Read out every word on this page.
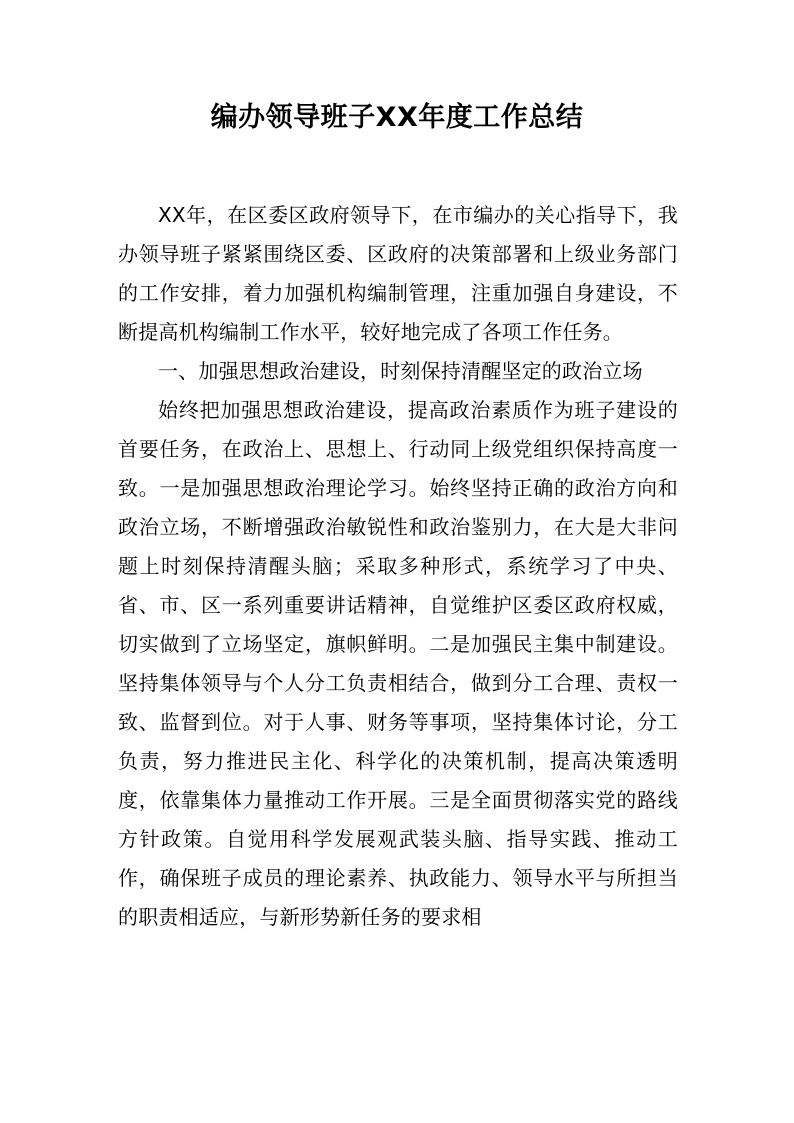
编办领导班子XX年度工作总结

XX年，在区委区政府领导下，在市编办的关心指导下，我办领导班子紧紧围绕区委、区政府的决策部署和上级业务部门的工作安排，着力加强机构编制管理，注重加强自身建设，不断提高机构编制工作水平，较好地完成了各项工作任务。

一、加强思想政治建设，时刻保持清醒坚定的政治立场

始终把加强思想政治建设，提高政治素质作为班子建设的首要任务，在政治上、思想上、行动同上级党组织保持高度一致。一是加强思想政治理论学习。始终坚持正确的政治方向和政治立场，不断增强政治敏锐性和政治鉴别力，在大是大非问题上时刻保持清醒头脑；采取多种形式，系统学习了中央、省、市、区一系列重要讲话精神，自觉维护区委区政府权威，切实做到了立场坚定，旗帜鲜明。二是加强民主集中制建设。坚持集体领导与个人分工负责相结合，做到分工合理、责权一致、监督到位。对于人事、财务等事项，坚持集体讨论，分工负责，努力推进民主化、科学化的决策机制，提高决策透明度，依靠集体力量推动工作开展。三是全面贯彻落实党的路线方针政策。自觉用科学发展观武装头脑、指导实践、推动工作，确保班子成员的理论素养、执政能力、领导水平与所担当的职责相适应，与新形势新任务的要求相
